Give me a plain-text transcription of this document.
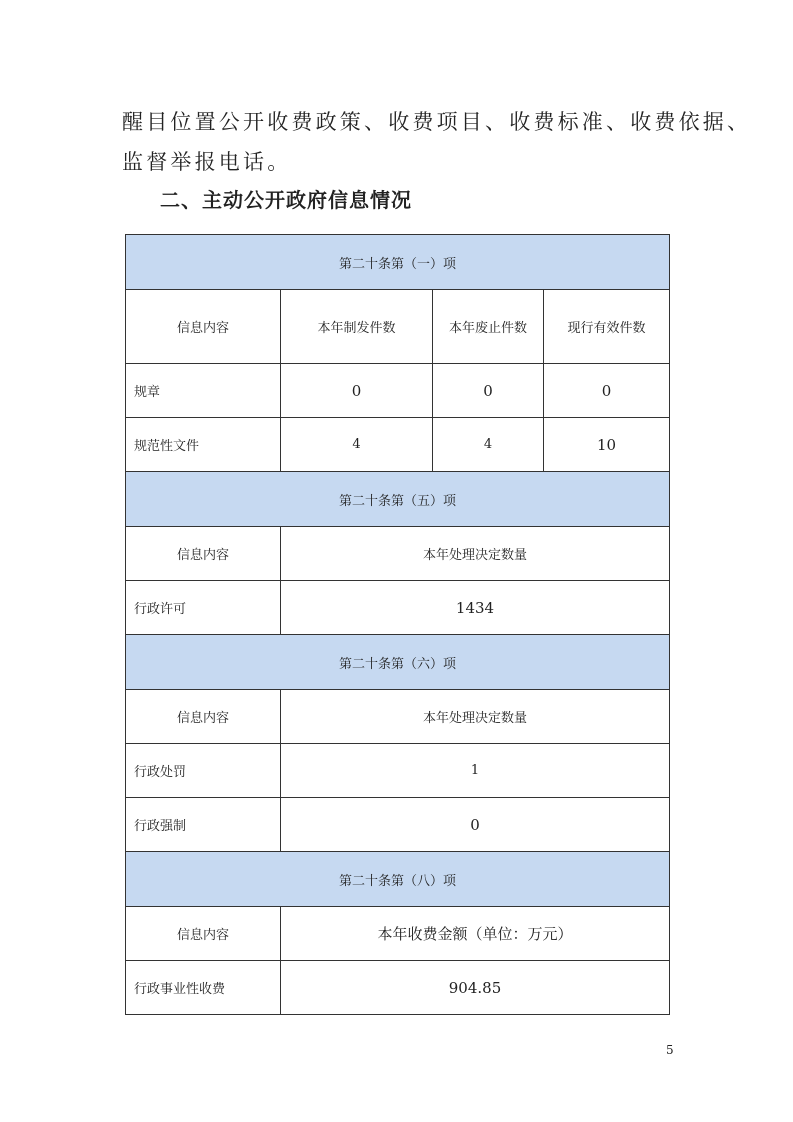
醒目位置公开收费政策、收费项目、收费标准、收费依据、
监督举报电话。
二、主动公开政府信息情况
第二十条第（一）项			
信息内容	本年制发件数	本年废止件数	现行有效件数
规章	0	0	0
规范性文件	4	4	10
第二十条第（五）项			
信息内容	本年处理决定数量		
行政许可	1434		
第二十条第（六）项			
信息内容	本年处理决定数量		
行政处罚	1		
行政强制	0		
第二十条第（八）项			
信息内容	本年收费金额（单位：万元）		
行政事业性收费	904.85		
5
